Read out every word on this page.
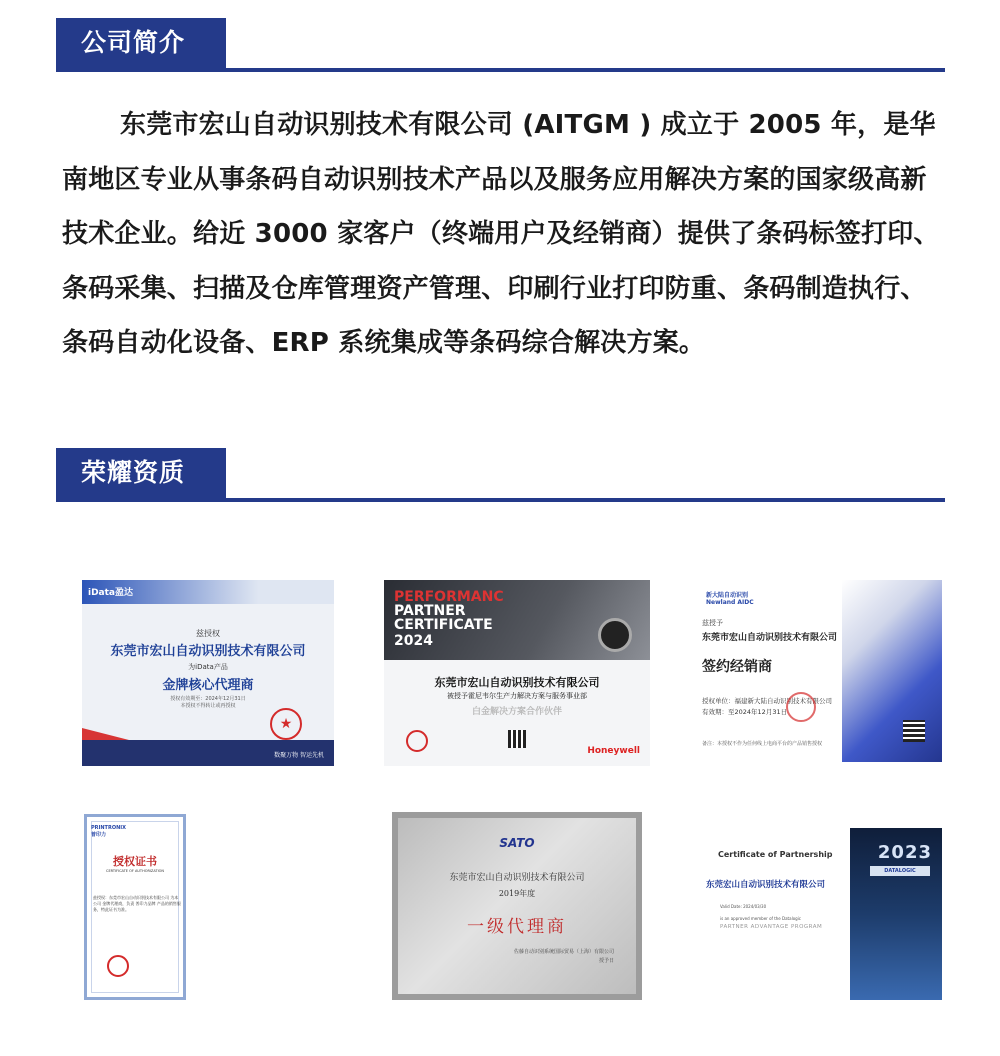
公司简介

东莞市宏山自动识别技术有限公司 (AITGM ) 成立于 2005 年，是华南地区专业从事条码自动识别技术产品以及服务应用解决方案的国家级高新技术企业。给近 3000 家客户（终端用户及经销商）提供了条码标签打印、条码采集、扫描及仓库管理资产管理、印刷行业打印防重、条码制造执行、条码自动化设备、ERP 系统集成等条码综合解决方案。

荣耀资质
iData盈达
兹授权
东莞市宏山自动识别技术有限公司
为iData产品
金牌核心代理商
授权有效期至：2024年12月31日
本授权不得转让或再授权
★
数聚万物 智运先机
PERFORMANC
PARTNER
CERTIFICATE
2024
东莞市宏山自动识别技术有限公司
被授予霍尼韦尔生产力解决方案与服务事业部
白金解决方案合作伙伴
Honeywell
新大陆自动识别
Newland AIDC
兹授予
东莞市宏山自动识别技术有限公司
签约经销商
授权单位：福建新大陆自动识别技术有限公司
有效期：至2024年12月31日
备注：本授权不作为任何线上电商平台的产品销售授权
PRINTRONIX
普印力
授权证书
CERTIFICATE OF AUTHORIZATION
兹授权：东莞市宏山自动识别技术有限公司 为本公司 金牌代理商，负责 普印力品牌 产品的销售服务，特此证书为准。
SATO
东莞市宏山自动识别技术有限公司
2019年度
一级代理商
佐藤自动识别系统国际贸易（上海）有限公司
授予日
Certificate of Partnership
东莞宏山自动识别技术有限公司
Valid Date: 2024/03/30
is an approved member of the Datalogic
PARTNER ADVANTAGE PROGRAM
2023
DATALOGIC
